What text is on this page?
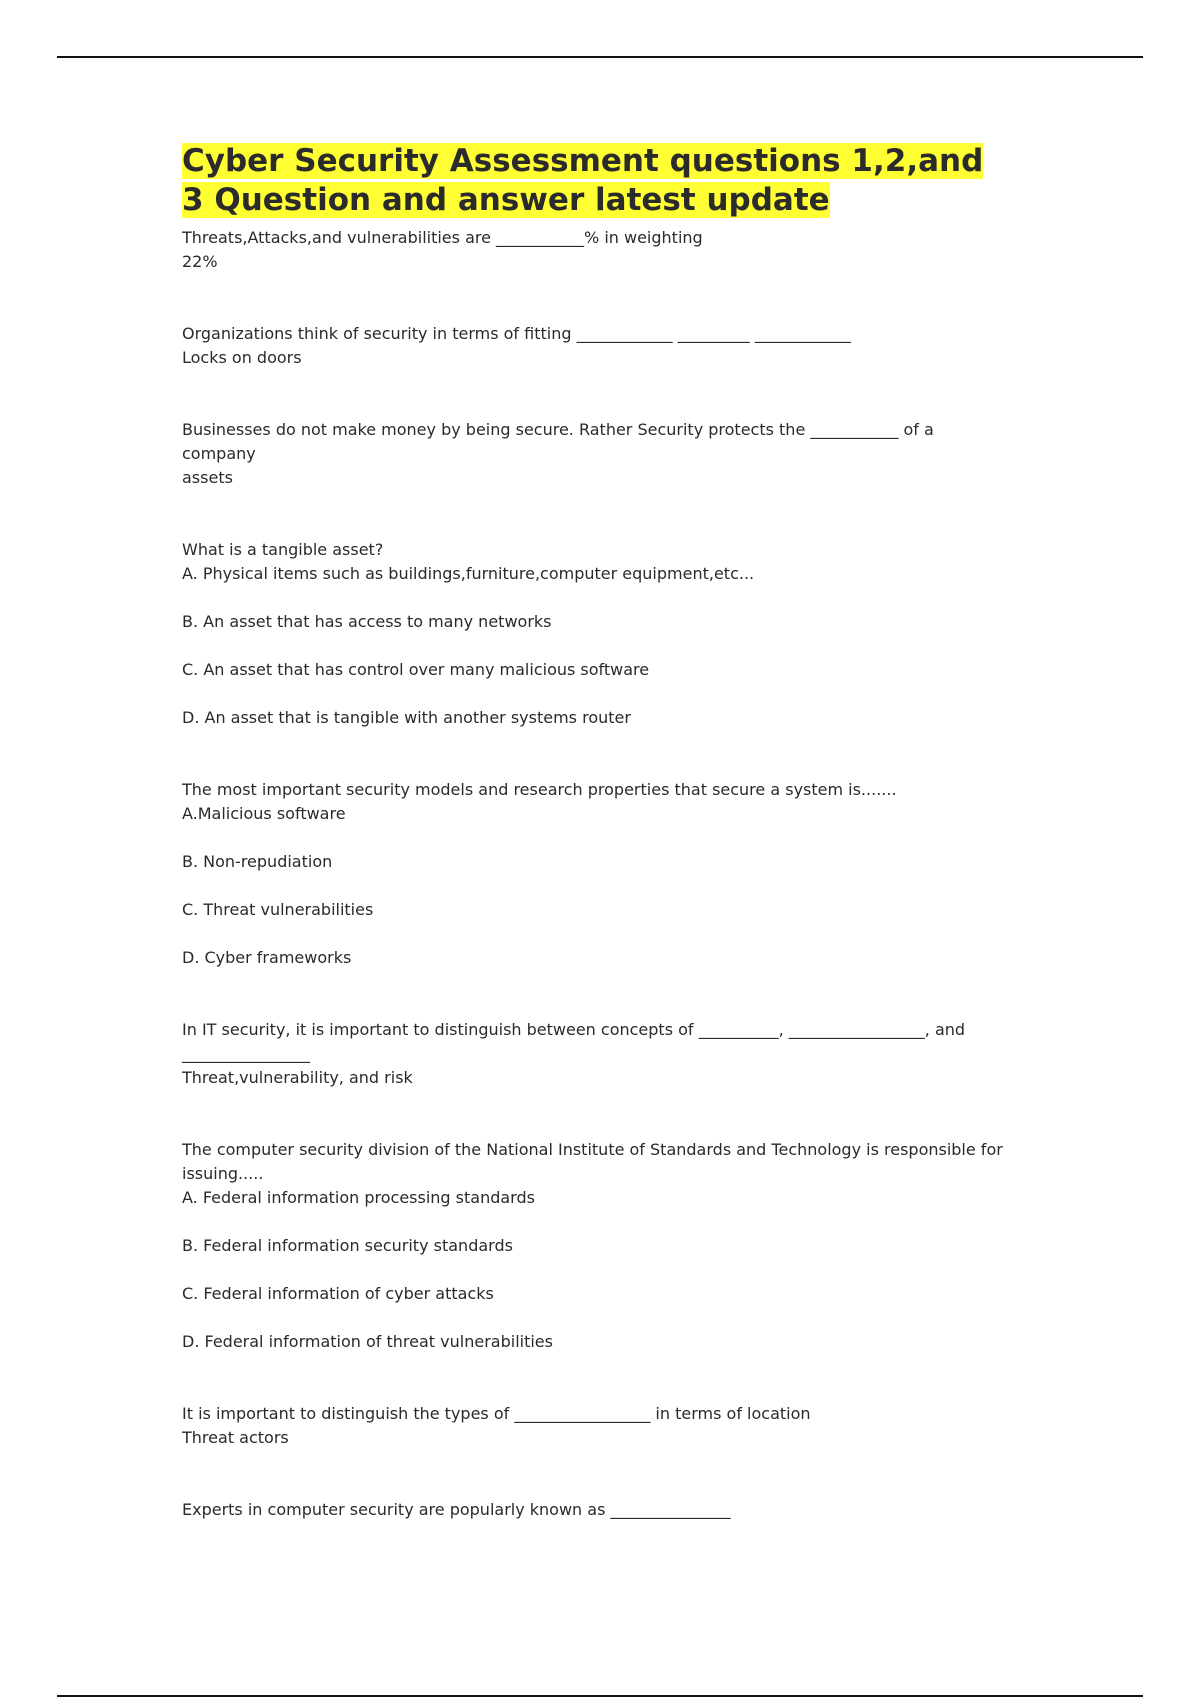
Cyber Security Assessment questions 1,2,and
3 Question and answer latest update

Threats,Attacks,and vulnerabilities are ___________% in weighting

22%

Organizations think of security in terms of fitting ____________ _________ ____________

Locks on doors

Businesses do not make money by being secure. Rather Security protects the ___________ of a company

assets

What is a tangible asset?

A. Physical items such as buildings,furniture,computer equipment,etc...

B. An asset that has access to many networks

C. An asset that has control over many malicious software

D. An asset that is tangible with another systems router

The most important security models and research properties that secure a system is.......

A.Malicious software

B. Non-repudiation

C. Threat vulnerabilities

D. Cyber frameworks

In IT security, it is important to distinguish between concepts of __________, _________________, and

________________

Threat,vulnerability, and risk

The computer security division of the National Institute of Standards and Technology is responsible for issuing.....

A. Federal information processing standards

B. Federal information security standards

C. Federal information of cyber attacks

D. Federal information of threat vulnerabilities

It is important to distinguish the types of _________________ in terms of location

Threat actors

Experts in computer security are popularly known as _______________
